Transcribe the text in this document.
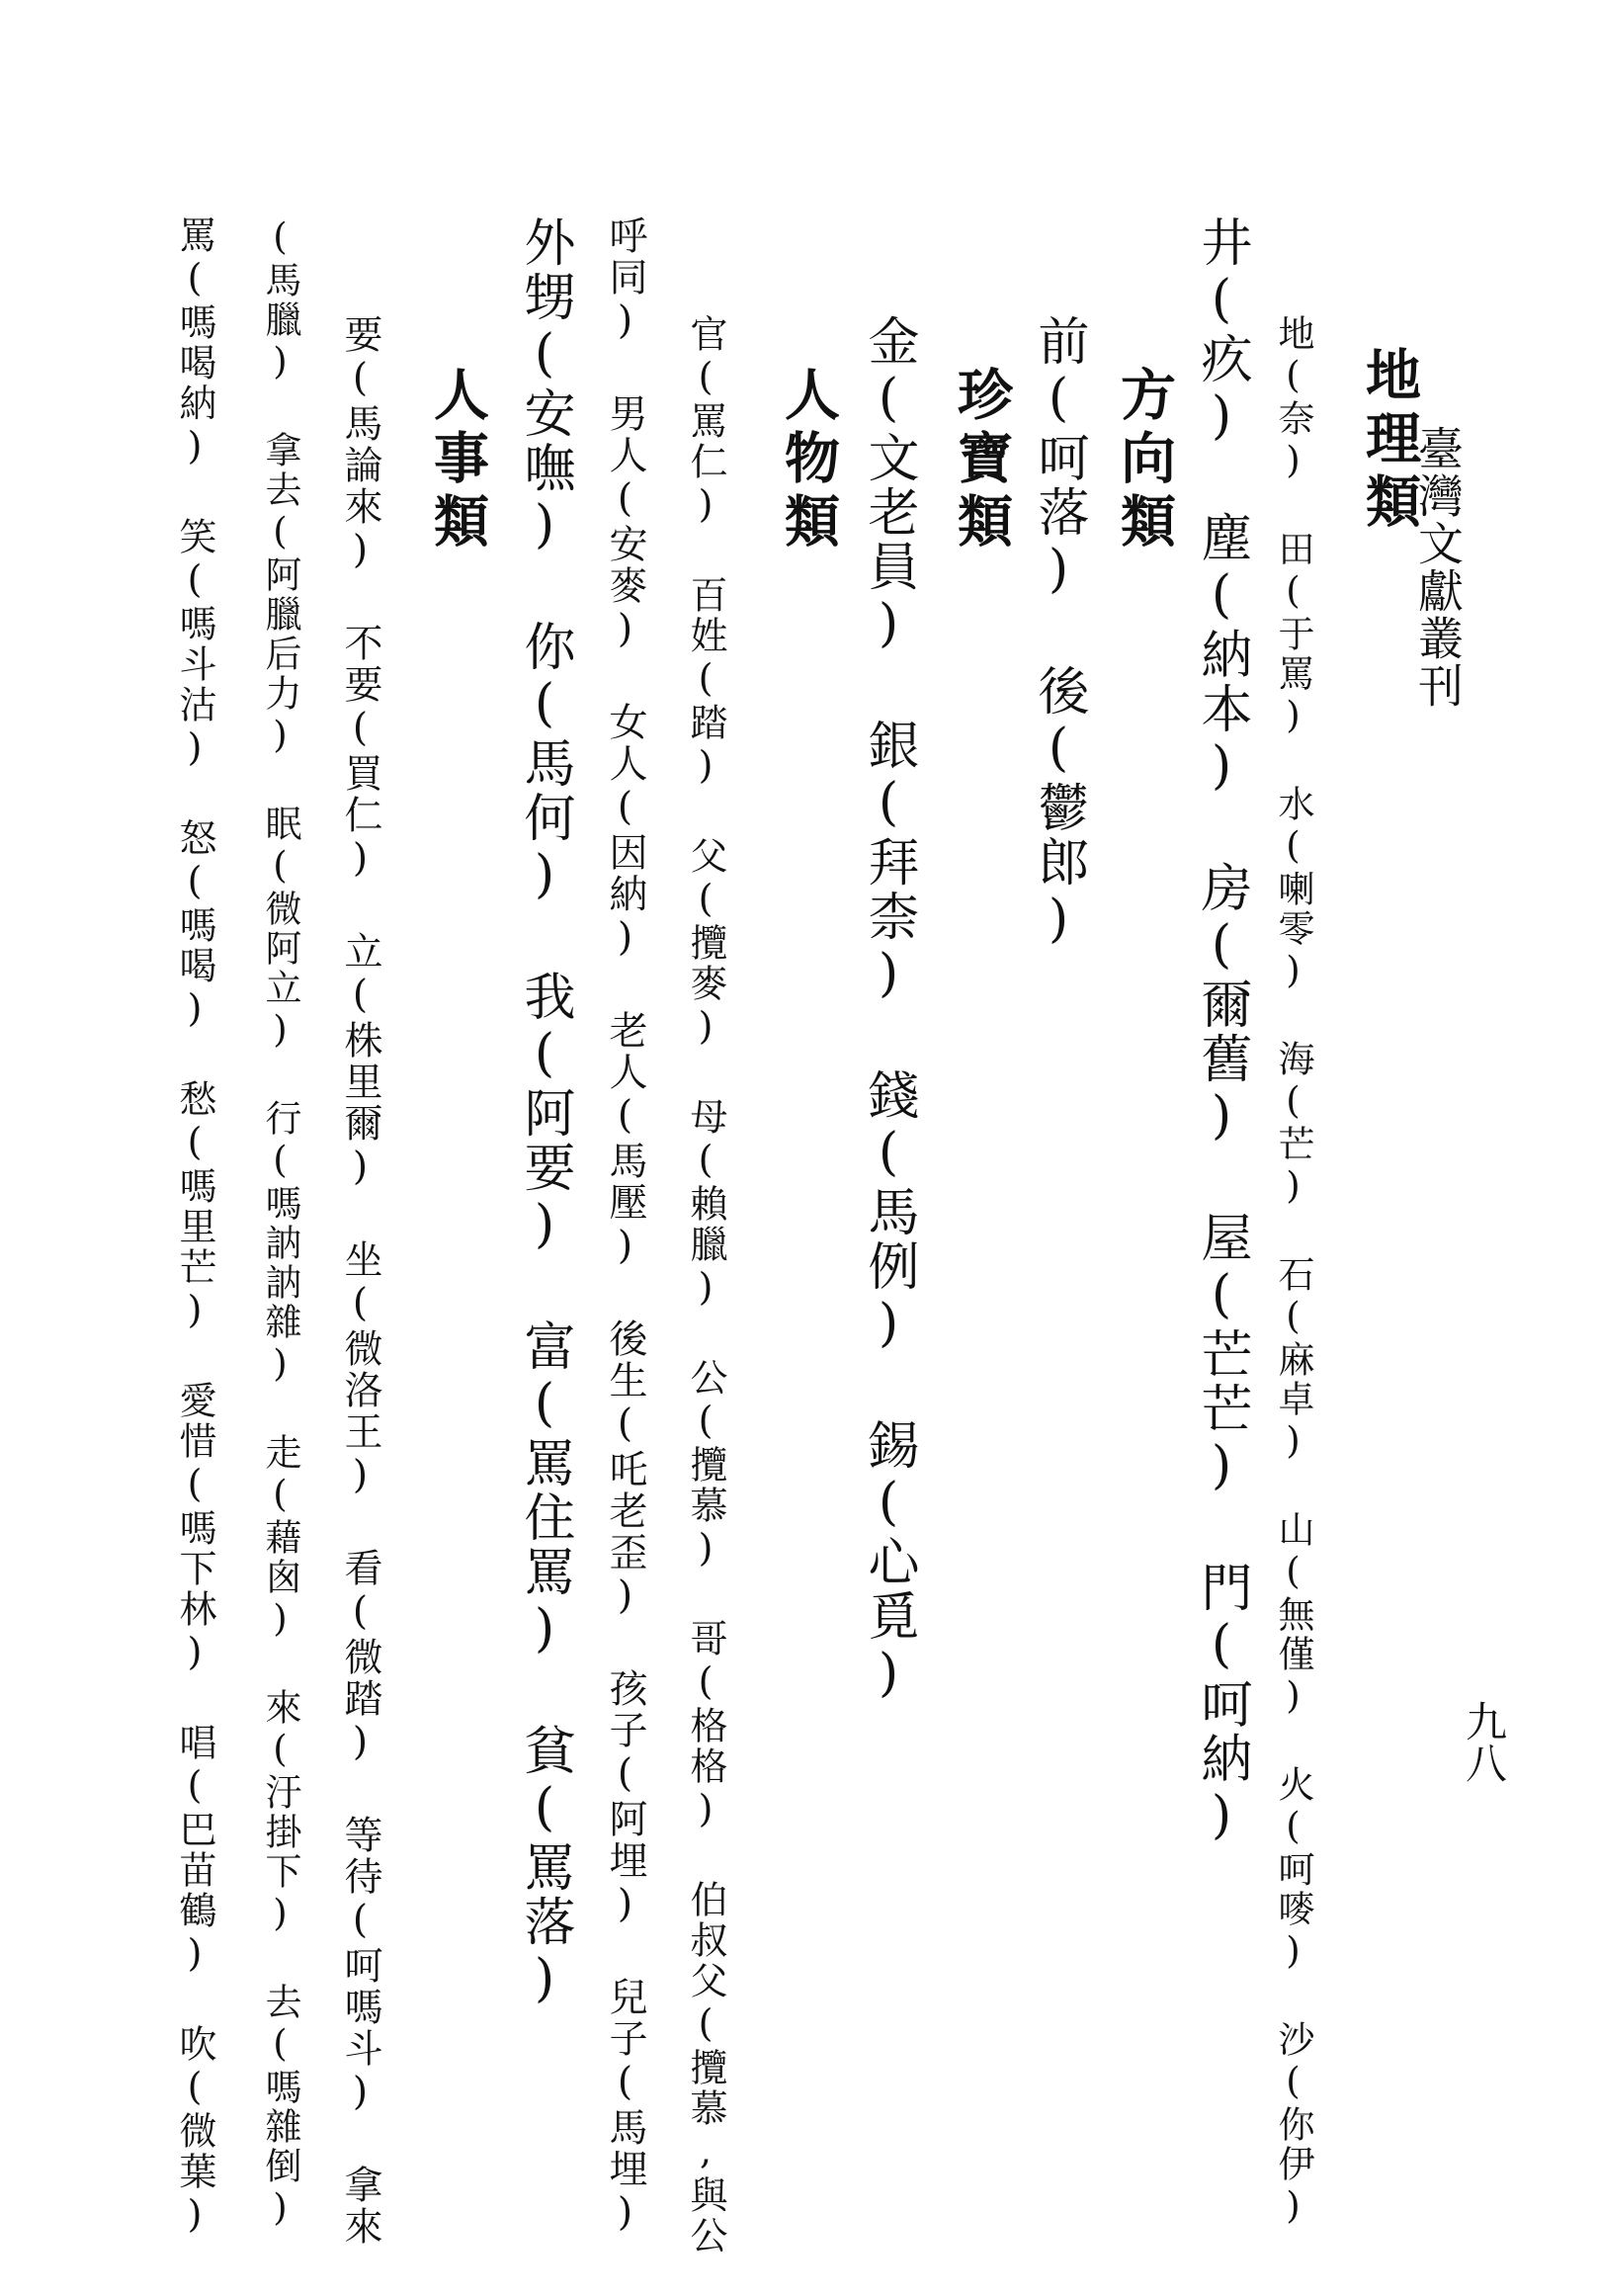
臺灣文獻叢刊
九八
地理類
地(奈) 田(于罵) 水(喇零) 海(芒) 石(麻卓) 山(無僅) 火(呵嘜) 沙(你伊)
井(疚) 塵(納本) 房(爾舊) 屋(芒芒) 門(呵納)
方向類
前(呵落) 後(鬱郎)
珍寶類
金(文老員) 銀(拜柰) 錢(馬例) 錫(心覓)
人物類
官(罵仁) 百姓(踏) 父(攬麥) 母(賴臘) 公(攬慕) 哥(格格) 伯叔父(攬慕,與公
呼同) 男人(安麥) 女人(因納) 老人(馬壓) 後生(吒老歪) 孩子(阿埋) 兒子(馬埋)
外甥(安嘸) 你(馬何) 我(阿要) 富(罵住罵) 貧(罵落)
人事類
要(馬論來) 不要(買仁) 立(株里爾) 坐(微洛王) 看(微踏) 等待(呵嗎斗) 拿來
(馬臘) 拿去(阿臘后力) 眠(微阿立) 行(嗎訥訥雜) 走(藉囪) 來(汙掛下) 去(嗎雜倒)
罵(嗎喝納) 笑(嗎斗沽) 怒(嗎喝) 愁(嗎里芒) 愛惜(嗎下林) 唱(巴苗鶴) 吹(微葉)
